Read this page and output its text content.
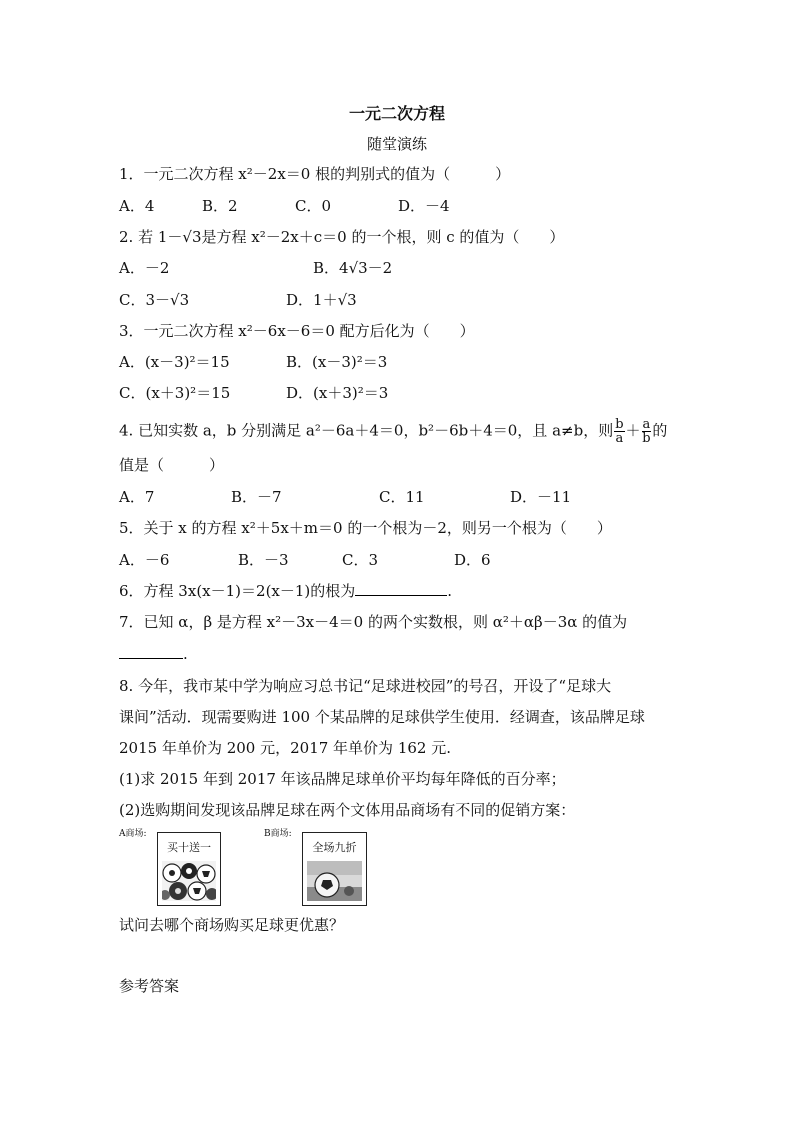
一元二次方程
随堂演练
1．一元二次方程 x²－2x＝0 根的判别式的值为（　　　）
A．4	B．2	C．0	D．－4
2. 若 1－√3是方程 x²－2x＋c＝0 的一个根，则 c 的值为（　　）
A．－2	B．4√3－2
C．3－√3	D．1＋√3
3．一元二次方程 x²－6x－6＝0 配方后化为（　　）
A．(x－3)²＝15	B．(x－3)²＝3
C．(x＋3)²＝15	D．(x＋3)²＝3
4. 已知实数 a，b 分别满足 a²－6a＋4＝0，b²－6b＋4＝0，且 a≠b，则 $\frac{b}{a} + \frac{a}{b}$ 的
值是（　　　）
A．7	B．－7	C．11	D．－11
5．关于 x 的方程 x²＋5x＋m＝0 的一个根为－2，则另一个根为（　　）
A．－6	B．－3	C．3	D．6
6．方程 3x(x－1)＝2(x－1)的根为	.
7．已知 α，β 是方程 x²－3x－4＝0 的两个实数根，则 α²＋αβ－3α 的值为
.
8. 今年，我市某中学为响应习总书记“足球进校园”的号召，开设了“足球大
课间”活动．现需要购进 100 个某品牌的足球供学生使用．经调查，该品牌足球
2015 年单价为 200 元，2017 年单价为 162 元.
(1)求 2015 年到 2017 年该品牌足球单价平均每年降低的百分率；
(2)选购期间发现该品牌足球在两个文体用品商场有不同的促销方案：
A商场:
买十送一
B商场:
全场九折
试问去哪个商场购买足球更优惠？
参考答案
